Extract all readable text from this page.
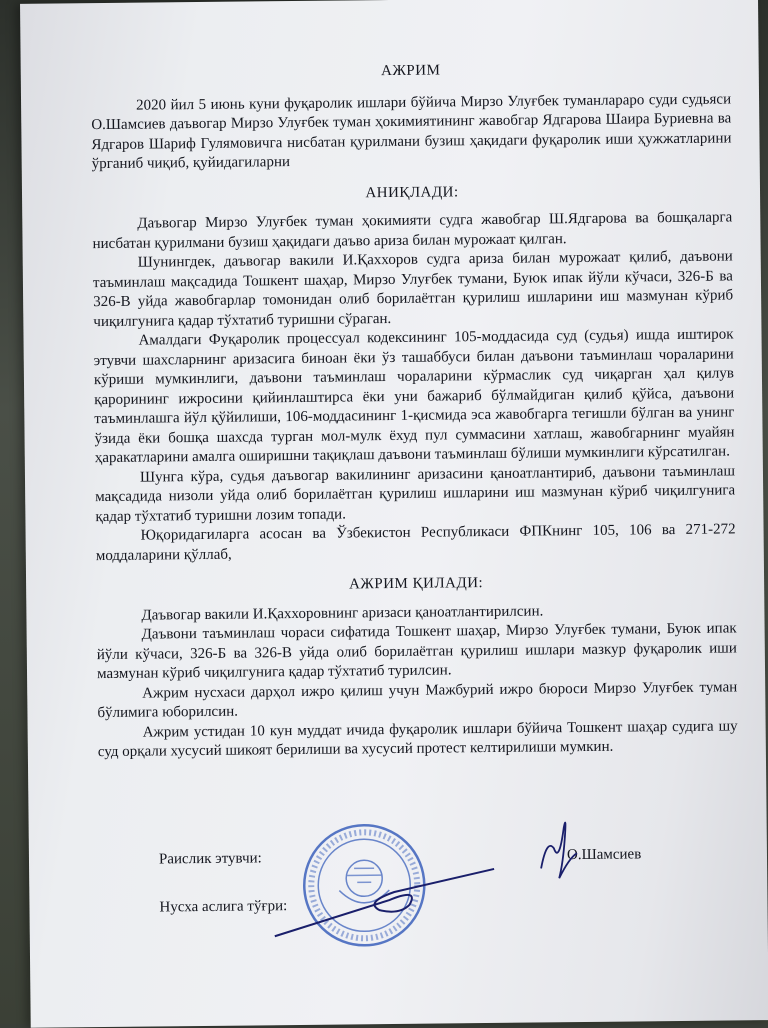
АЖРИМ

2020 йил 5 июнь куни фуқаролик ишлари бўйича Мирзо Улуғбек туманлараро суди судьяси О.Шамсиев даъвогар Мирзо Улуғбек туман ҳокимиятининг жавобгар Ядгарова Шаира Буриевна ва Ядгаров Шариф Гулямовичга нисбатан қурилмани бузиш ҳақидаги фуқаролик иши ҳужжатларини ўрганиб чиқиб, қуйидагиларни

АНИҚЛАДИ:

Даъвогар Мирзо Улуғбек туман ҳокимияти судга жавобгар Ш.Ядгарова ва бошқаларга нисбатан қурилмани бузиш ҳақидаги даъво ариза билан мурожаат қилган.

Шунингдек, даъвогар вакили И.Қаххоров судга ариза билан мурожаат қилиб, даъвони таъминлаш мақсадида Тошкент шаҳар, Мирзо Улуғбек тумани, Буюк ипак йўли кўчаси, 326-Б ва 326-В уйда жавобгарлар томонидан олиб борилаётган қурилиш ишларини иш мазмунан кўриб чиқилгунига қадар тўхтатиб туришни сўраган.

Амалдаги Фуқаролик процессуал кодексининг 105-моддасида суд (судья) ишда иштирок этувчи шахсларнинг аризасига биноан ёки ўз ташаббуси билан даъвони таъминлаш чораларини кўриши мумкинлиги, даъвони таъминлаш чораларини кўрмаслик суд чиқарган ҳал қилув қарорининг ижросини қийинлаштирса ёки уни бажариб бўлмайдиган қилиб қўйса, даъвони таъминлашга йўл қўйилиши, 106-моддасининг 1-қисмида эса жавобгарга тегишли бўлган ва унинг ўзида ёки бошқа шахсда турган мол-мулк ёхуд пул суммасини хатлаш, жавобгарнинг муайян ҳаракатларини амалга оширишни тақиқлаш даъвони таъминлаш бўлиши мумкинлиги кўрсатилган.

Шунга кўра, судья даъвогар вакилининг аризасини қаноатлантириб, даъвони таъминлаш мақсадида низоли уйда олиб борилаётган қурилиш ишларини иш мазмунан кўриб чиқилгунига қадар тўхтатиб туришни лозим топади.

Юқоридагиларга асосан ва Ўзбекистон Республикаси ФПКнинг 105, 106 ва 271-272 моддаларини қўллаб,

АЖРИМ ҚИЛАДИ:

Даъвогар вакили И.Қаххоровнинг аризаси қаноатлантирилсин.

Даъвони таъминлаш чораси сифатида Тошкент шаҳар, Мирзо Улуғбек тумани, Буюк ипак йўли кўчаси, 326-Б ва 326-В уйда олиб борилаётган қурилиш ишлари мазкур фуқаролик иши мазмунан кўриб чиқилгунига қадар тўхтатиб турилсин.

Ажрим нусхаси дарҳол ижро қилиш учун Мажбурий ижро бюроси Мирзо Улуғбек туман бўлимига юборилсин.

Ажрим устидан 10 кун муддат ичида фуқаролик ишлари бўйича Тошкент шаҳар судига шу суд орқали хусусий шикоят берилиши ва хусусий протест келтирилиши мумкин.

Раислик этувчи:
Нусха аслига тўғри:
О.Шамсиев
